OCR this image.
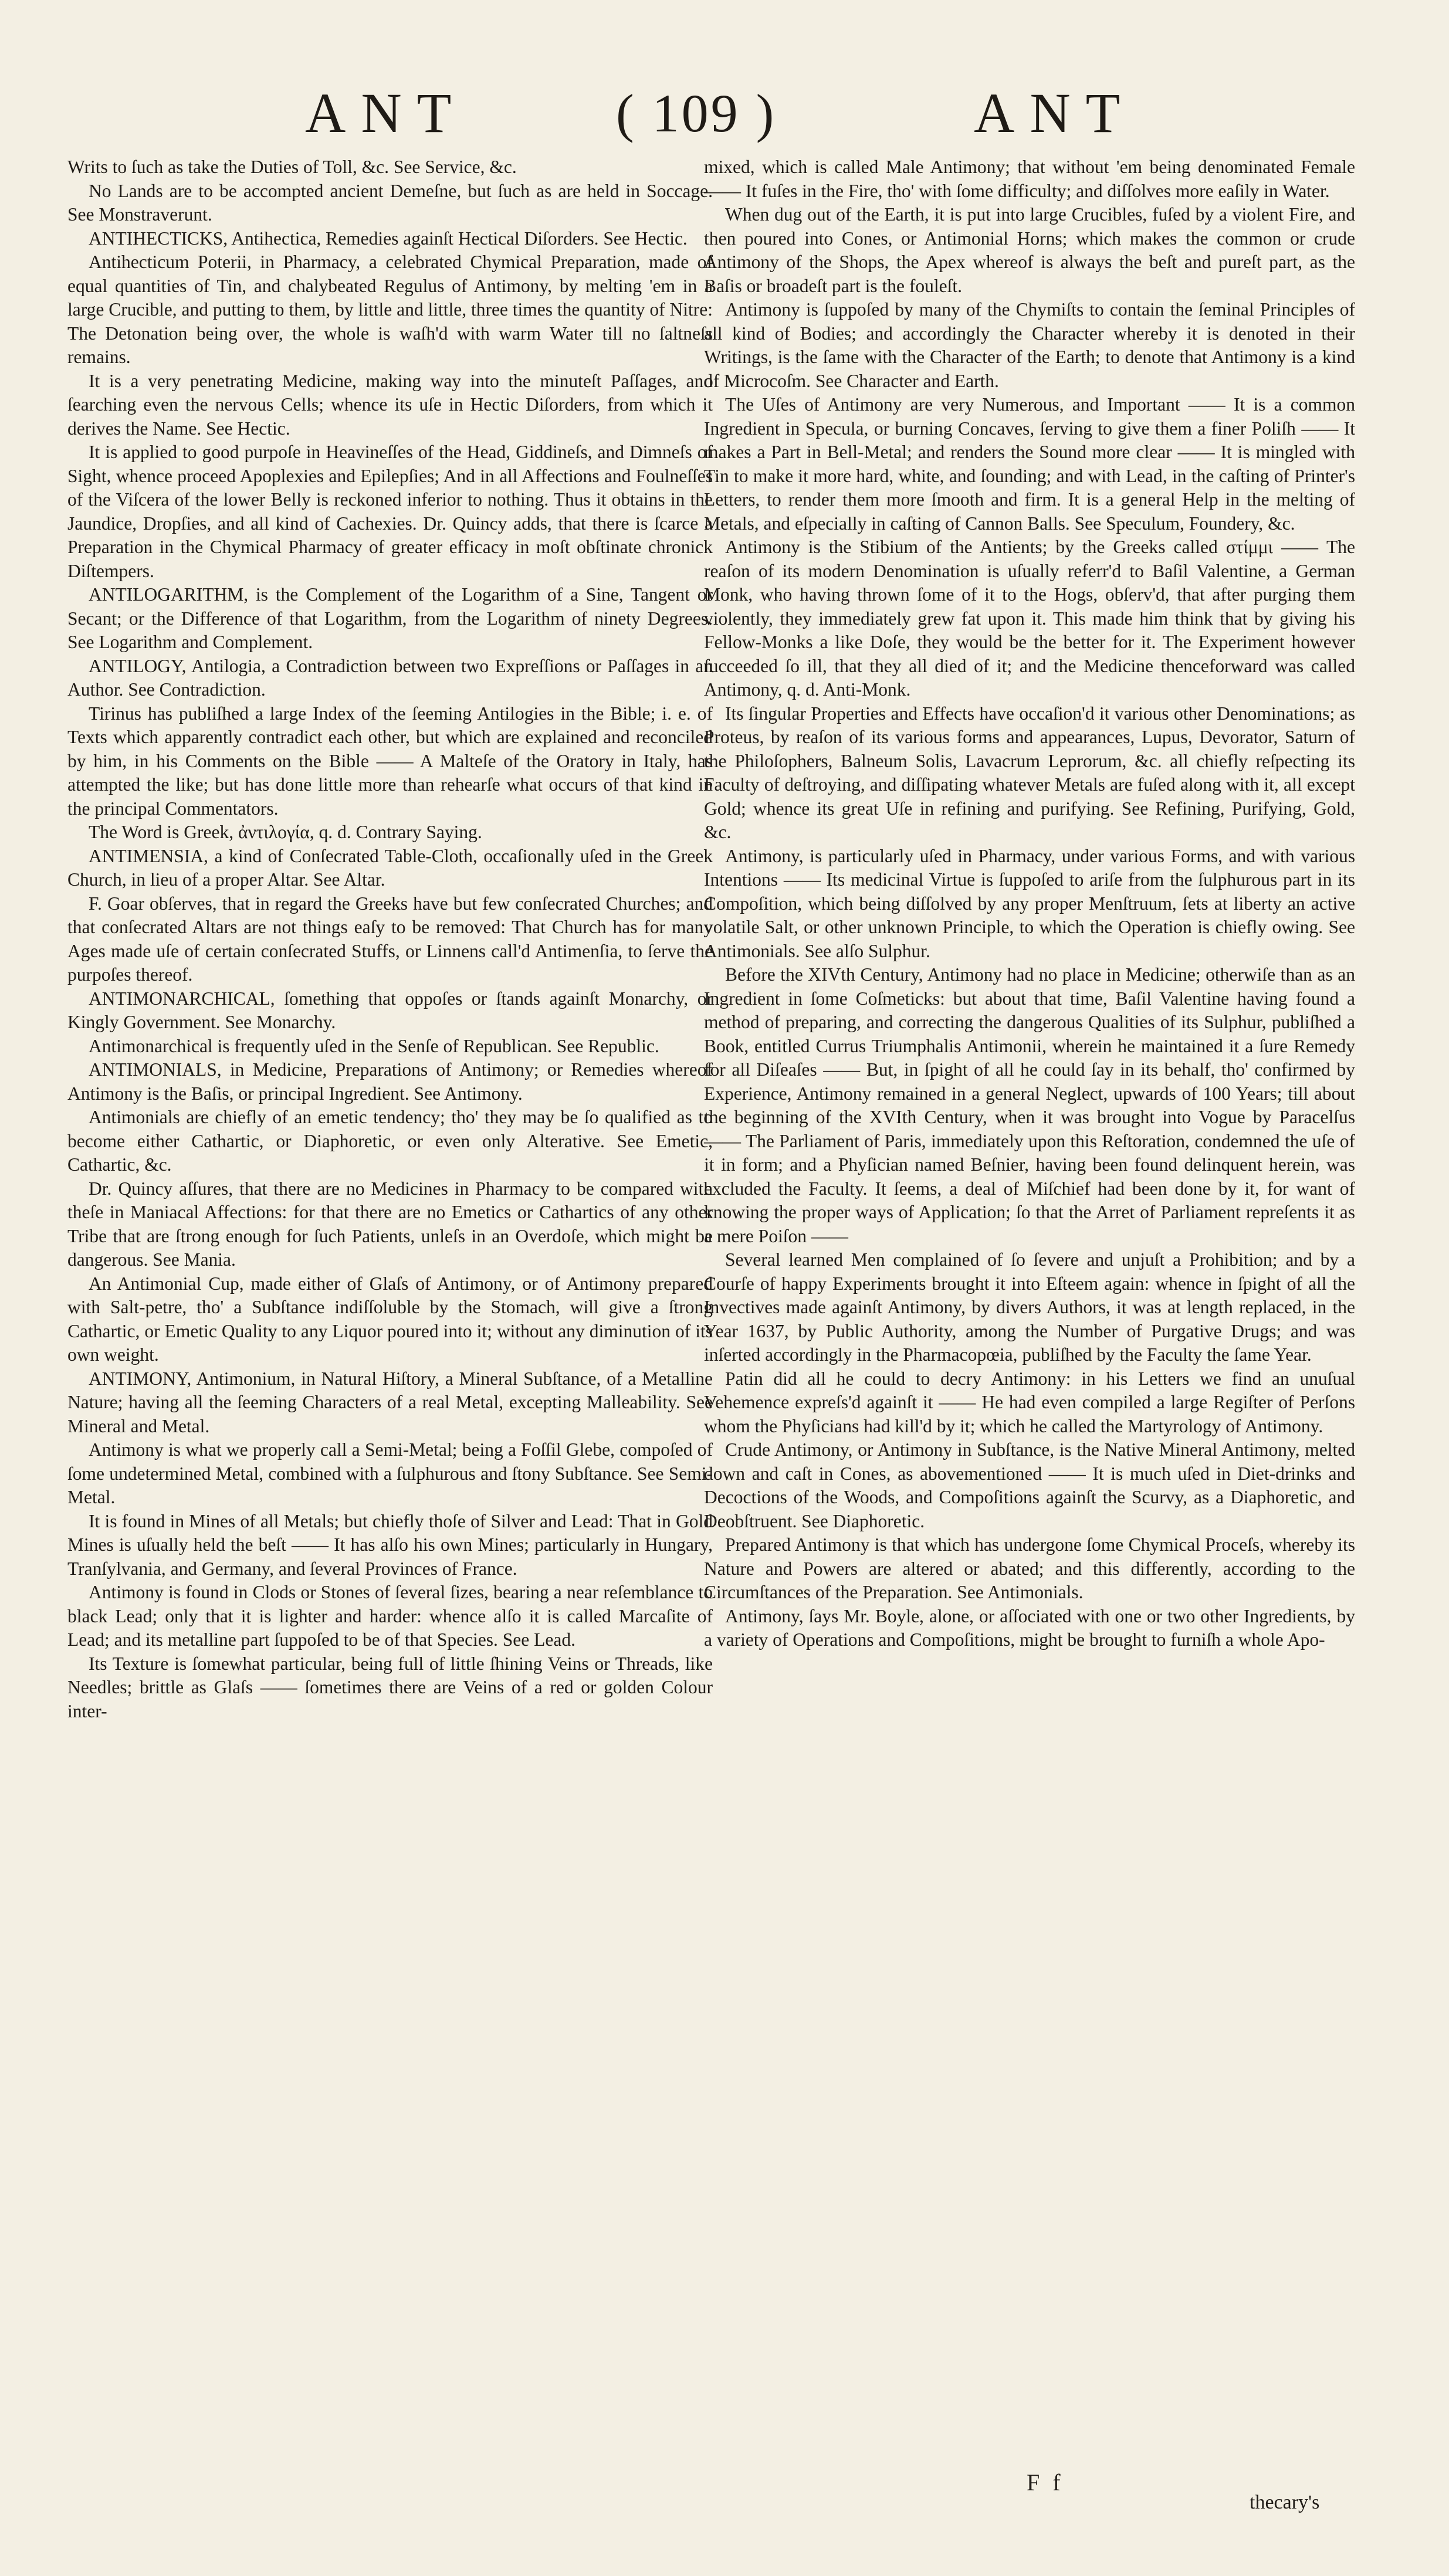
ANT	( 109 )	ANT

Writs to ſuch as take the Duties of Toll, &c. See Service, &c.

No Lands are to be accompted ancient Demeſne, but ſuch as are held in Soccage. See Monstraverunt.

ANTIHECTICKS, Antihectica, Remedies againſt Hectical Diſorders. See Hectic.

Antihecticum Poterii, in Pharmacy, a celebrated Chymical Preparation, made of equal quantities of Tin, and chalybeated Regulus of Antimony, by melting 'em in a large Crucible, and putting to them, by little and little, three times the quantity of Nitre: The Detonation being over, the whole is waſh'd with warm Water till no ſaltneſs remains.

It is a very penetrating Medicine, making way into the minuteſt Paſſages, and ſearching even the nervous Cells; whence its uſe in Hectic Diſorders, from which it derives the Name. See Hectic.

It is applied to good purpoſe in Heavineſſes of the Head, Giddineſs, and Dimneſs of Sight, whence proceed Apoplexies and Epilepſies; And in all Affections and Foulneſſes of the Viſcera of the lower Belly is reckoned inferior to nothing. Thus it obtains in the Jaundice, Dropſies, and all kind of Cachexies. Dr. Quincy adds, that there is ſcarce a Preparation in the Chymical Pharmacy of greater efficacy in moſt obſtinate chronick Diſtempers.

ANTILOGARITHM, is the Complement of the Logarithm of a Sine, Tangent or Secant; or the Difference of that Logarithm, from the Logarithm of ninety Degrees. See Logarithm and Complement.

ANTILOGY, Antilogia, a Contradiction between two Expreſſions or Paſſages in an Author. See Contradiction.

Tirinus has publiſhed a large Index of the ſeeming Antilogies in the Bible; i. e. of Texts which apparently contradict each other, but which are explained and reconciled by him, in his Comments on the Bible —— A Malteſe of the Oratory in Italy, has attempted the like; but has done little more than rehearſe what occurs of that kind in the principal Commentators.

The Word is Greek, ἀντιλογία, q. d. Contrary Saying.

ANTIMENSIA, a kind of Conſecrated Table-Cloth, occaſionally uſed in the Greek Church, in lieu of a proper Altar. See Altar.

F. Goar obſerves, that in regard the Greeks have but few conſecrated Churches; and that conſecrated Altars are not things eaſy to be removed: That Church has for many Ages made uſe of certain conſecrated Stuffs, or Linnens call'd Antimenſia, to ſerve the purpoſes thereof.

ANTIMONARCHICAL, ſomething that oppoſes or ſtands againſt Monarchy, or Kingly Government. See Monarchy.

Antimonarchical is frequently uſed in the Senſe of Republican. See Republic.

ANTIMONIALS, in Medicine, Preparations of Antimony; or Remedies whereof Antimony is the Baſis, or principal Ingredient. See Antimony.

Antimonials are chiefly of an emetic tendency; tho' they may be ſo qualified as to become either Cathartic, or Diaphoretic, or even only Alterative. See Emetic, Cathartic, &c.

Dr. Quincy aſſures, that there are no Medicines in Pharmacy to be compared with theſe in Maniacal Affections: for that there are no Emetics or Cathartics of any other Tribe that are ſtrong enough for ſuch Patients, unleſs in an Overdoſe, which might be dangerous. See Mania.

An Antimonial Cup, made either of Glaſs of Antimony, or of Antimony prepared with Salt-petre, tho' a Subſtance indiſſoluble by the Stomach, will give a ſtrong Cathartic, or Emetic Quality to any Liquor poured into it; without any diminution of its own weight.

ANTIMONY, Antimonium, in Natural Hiſtory, a Mineral Subſtance, of a Metalline Nature; having all the ſeeming Characters of a real Metal, excepting Malleability. See Mineral and Metal.

Antimony is what we properly call a Semi-Metal; being a Foſſil Glebe, compoſed of ſome undetermined Metal, combined with a ſulphurous and ſtony Subſtance. See Semi-Metal.

It is found in Mines of all Metals; but chiefly thoſe of Silver and Lead: That in Gold Mines is uſually held the beſt —— It has alſo his own Mines; particularly in Hungary, Tranſylvania, and Germany, and ſeveral Provinces of France.

Antimony is found in Clods or Stones of ſeveral ſizes, bearing a near reſemblance to black Lead; only that it is lighter and harder: whence alſo it is called Marcaſite of Lead; and its metalline part ſuppoſed to be of that Species. See Lead.

Its Texture is ſomewhat particular, being full of little ſhining Veins or Threads, like Needles; brittle as Glaſs —— ſometimes there are Veins of a red or golden Colour inter-

mixed, which is called Male Antimony; that without 'em being denominated Female —— It fuſes in the Fire, tho' with ſome difficulty; and diſſolves more eaſily in Water.

When dug out of the Earth, it is put into large Crucibles, fuſed by a violent Fire, and then poured into Cones, or Antimonial Horns; which makes the common or crude Antimony of the Shops, the Apex whereof is always the beſt and pureſt part, as the Baſis or broadeſt part is the fouleſt.

Antimony is ſuppoſed by many of the Chymiſts to contain the ſeminal Principles of all kind of Bodies; and accordingly the Character whereby it is denoted in their Writings, is the ſame with the Character of the Earth; to denote that Antimony is a kind of Microcoſm. See Character and Earth.

The Uſes of Antimony are very Numerous, and Important —— It is a common Ingredient in Specula, or burning Concaves, ſerving to give them a finer Poliſh —— It makes a Part in Bell-Metal; and renders the Sound more clear —— It is mingled with Tin to make it more hard, white, and ſounding; and with Lead, in the caſting of Printer's Letters, to render them more ſmooth and firm. It is a general Help in the melting of Metals, and eſpecially in caſting of Cannon Balls. See Speculum, Foundery, &c.

Antimony is the Stibium of the Antients; by the Greeks called στίμμι —— The reaſon of its modern Denomination is uſually referr'd to Baſil Valentine, a German Monk, who having thrown ſome of it to the Hogs, obſerv'd, that after purging them violently, they immediately grew fat upon it. This made him think that by giving his Fellow-Monks a like Doſe, they would be the better for it. The Experiment however ſucceeded ſo ill, that they all died of it; and the Medicine thenceforward was called Antimony, q. d. Anti-Monk.

Its ſingular Properties and Effects have occaſion'd it various other Denominations; as Proteus, by reaſon of its various forms and appearances, Lupus, Devorator, Saturn of the Philoſophers, Balneum Solis, Lavacrum Leprorum, &c. all chiefly reſpecting its Faculty of deſtroying, and diſſipating whatever Metals are fuſed along with it, all except Gold; whence its great Uſe in refining and purifying. See Refining, Purifying, Gold, &c.

Antimony, is particularly uſed in Pharmacy, under various Forms, and with various Intentions —— Its medicinal Virtue is ſuppoſed to ariſe from the ſulphurous part in its Compoſition, which being diſſolved by any proper Menſtruum, ſets at liberty an active volatile Salt, or other unknown Principle, to which the Operation is chiefly owing. See Antimonials. See alſo Sulphur.

Before the XIVth Century, Antimony had no place in Medicine; otherwiſe than as an Ingredient in ſome Coſmeticks: but about that time, Baſil Valentine having found a method of preparing, and correcting the dangerous Qualities of its Sulphur, publiſhed a Book, entitled Currus Triumphalis Antimonii, wherein he maintained it a ſure Remedy for all Diſeaſes —— But, in ſpight of all he could ſay in its behalf, tho' confirmed by Experience, Antimony remained in a general Neglect, upwards of 100 Years; till about the beginning of the XVIth Century, when it was brought into Vogue by Paracelſus —— The Parliament of Paris, immediately upon this Reſtoration, condemned the uſe of it in form; and a Phyſician named Beſnier, having been found delinquent herein, was excluded the Faculty. It ſeems, a deal of Miſchief had been done by it, for want of knowing the proper ways of Application; ſo that the Arret of Parliament repreſents it as a mere Poiſon ——

Several learned Men complained of ſo ſevere and unjuſt a Prohibition; and by a Courſe of happy Experiments brought it into Eſteem again: whence in ſpight of all the Invectives made againſt Antimony, by divers Authors, it was at length replaced, in the Year 1637, by Public Authority, among the Number of Purgative Drugs; and was inſerted accordingly in the Pharmacopœia, publiſhed by the Faculty the ſame Year.

Patin did all he could to decry Antimony: in his Letters we find an unuſual Vehemence expreſs'd againſt it —— He had even compiled a large Regiſter of Perſons whom the Phyſicians had kill'd by it; which he called the Martyrology of Antimony.

Crude Antimony, or Antimony in Subſtance, is the Native Mineral Antimony, melted down and caſt in Cones, as abovementioned —— It is much uſed in Diet-drinks and Decoctions of the Woods, and Compoſitions againſt the Scurvy, as a Diaphoretic, and Deobſtruent. See Diaphoretic.

Prepared Antimony is that which has undergone ſome Chymical Proceſs, whereby its Nature and Powers are altered or abated; and this differently, according to the Circumſtances of the Preparation. See Antimonials.

Antimony, ſays Mr. Boyle, alone, or aſſociated with one or two other Ingredients, by a variety of Operations and Compoſitions, might be brought to furniſh a whole Apo-

F f
thecary's
